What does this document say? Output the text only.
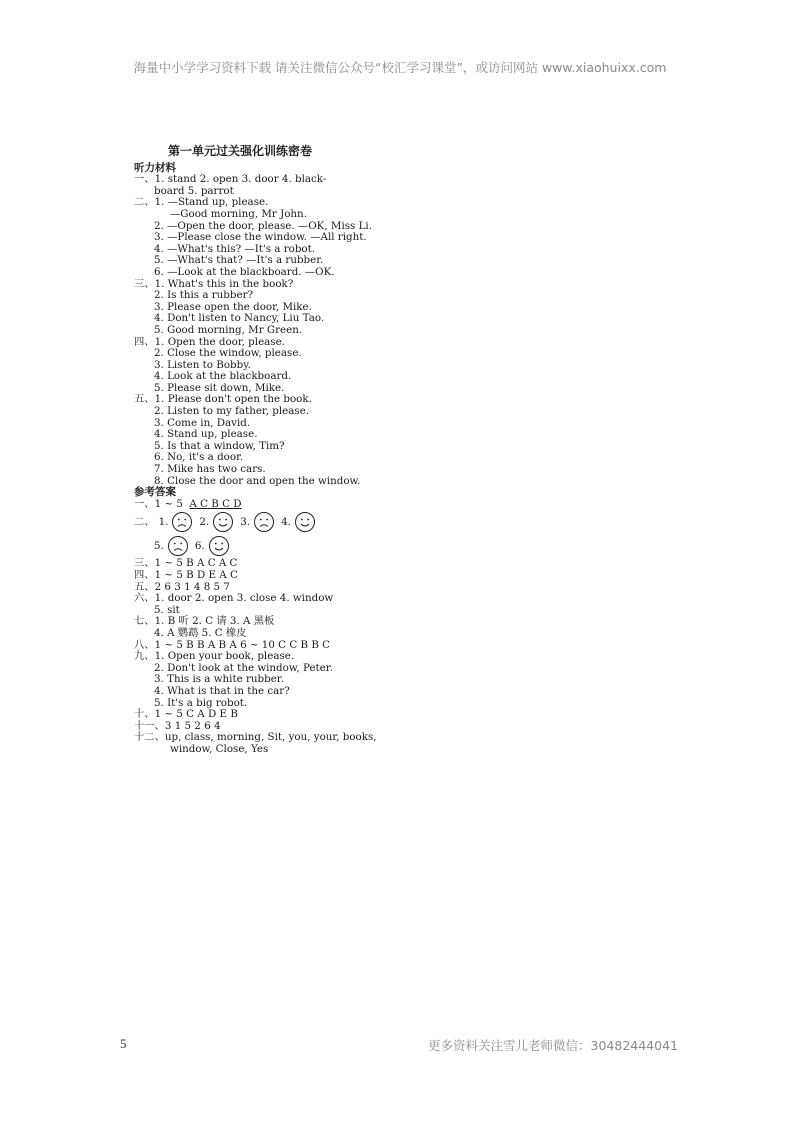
海量中小学学习资料下载 请关注微信公众号“校汇学习课堂”，或访问网站 www.xiaohuixx.com
第一单元过关强化训练密卷
听力材料
一、1. stand 2. open 3. door 4. black-
board 5. parrot
二、1. —Stand up, please.
—Good morning, Mr John.
2. —Open the door, please. —OK, Miss Li.
3. —Please close the window. —All right.
4. —What's this? —It's a robot.
5. —What's that? —It's a rubber.
6. —Look at the blackboard. —OK.
三、1. What's this in the book?
2. Is this a rubber?
3. Please open the door, Mike.
4. Don't listen to Nancy, Liu Tao.
5. Good morning, Mr Green.
四、1. Open the door, please.
2. Close the window, please.
3. Listen to Bobby.
4. Look at the blackboard.
5. Please sit down, Mike.
五、1. Please don't open the book.
2. Listen to my father, please.
3. Come in, David.
4. Stand up, please.
5. Is that a window, Tim?
6. No, it's a door.
7. Mike has two cars.
8. Close the door and open the window.
参考答案
一、1 ~ 5 A C B C D
二、 1.	2.	3.	4.
5.	6.
三、1 ~ 5 B A C A C
四、1 ~ 5 B D E A C
五、2 6 3 1 4 8 5 7
六、1. door 2. open 3. close 4. window
5. sit
七、1. B 听 2. C 请 3. A 黑板
4. A 鹦鹉 5. C 橡皮
八、1 ~ 5 B B A B A 6 ~ 10 C C B B C
九、1. Open your book, please.
2. Don't look at the window, Peter.
3. This is a white rubber.
4. What is that in the car?
5. It's a big robot.
十、1 ~ 5 C A D E B
十一、3 1 5 2 6 4
十二、up, class, morning, Sit, you, your, books,
window, Close, Yes
5	更多资料关注雪儿老师微信：30482444041
